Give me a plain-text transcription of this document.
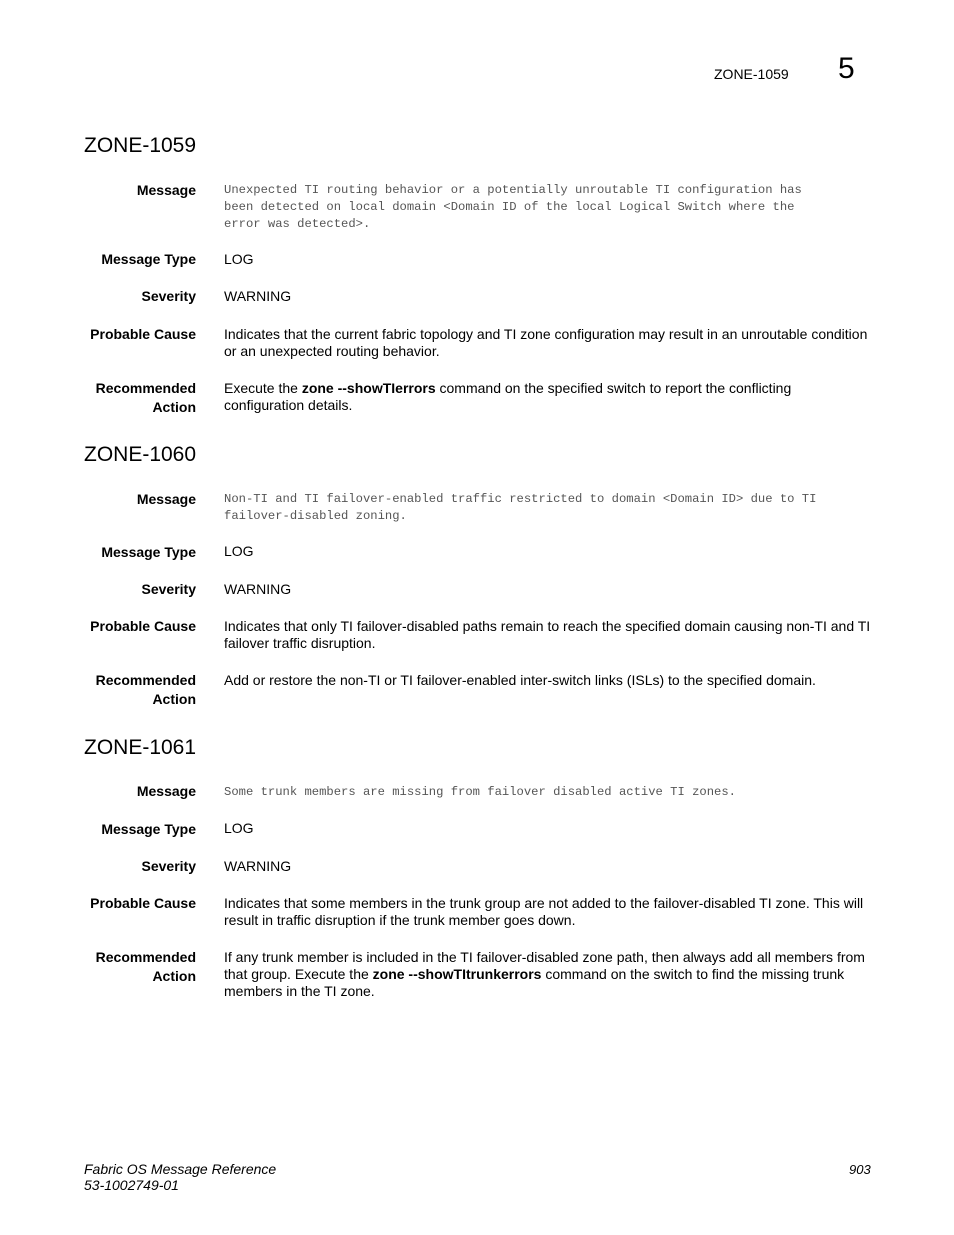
ZONE-1059 5
ZONE-1059
Message Unexpected TI routing behavior or a potentially unroutable TI configuration has
been detected on local domain <Domain ID of the local Logical Switch where the
error was detected>.
Message Type LOG
Severity WARNING
Probable Cause Indicates that the current fabric topology and TI zone configuration may result in an unroutable condition or an unexpected routing behavior.
Recommended
Action
Execute the zone --showTIerrors command on the specified switch to report the conflicting configuration details.
ZONE-1060
Message Non-TI and TI failover-enabled traffic restricted to domain <Domain ID> due to TI
failover-disabled zoning.
Message Type LOG
Severity WARNING
Probable Cause Indicates that only TI failover-disabled paths remain to reach the specified domain causing non-TI and TI failover traffic disruption.
Recommended
Action
Add or restore the non-TI or TI failover-enabled inter-switch links (ISLs) to the specified domain.
ZONE-1061
Message Some trunk members are missing from failover disabled active TI zones.
Message Type LOG
Severity WARNING
Probable Cause Indicates that some members in the trunk group are not added to the failover-disabled TI zone. This will result in traffic disruption if the trunk member goes down.
Recommended
Action
If any trunk member is included in the TI failover-disabled zone path, then always add all members from that group. Execute the zone --showTItrunkerrors command on the switch to find the missing trunk members in the TI zone.
Fabric OS Message Reference
53-1002749-01
903
